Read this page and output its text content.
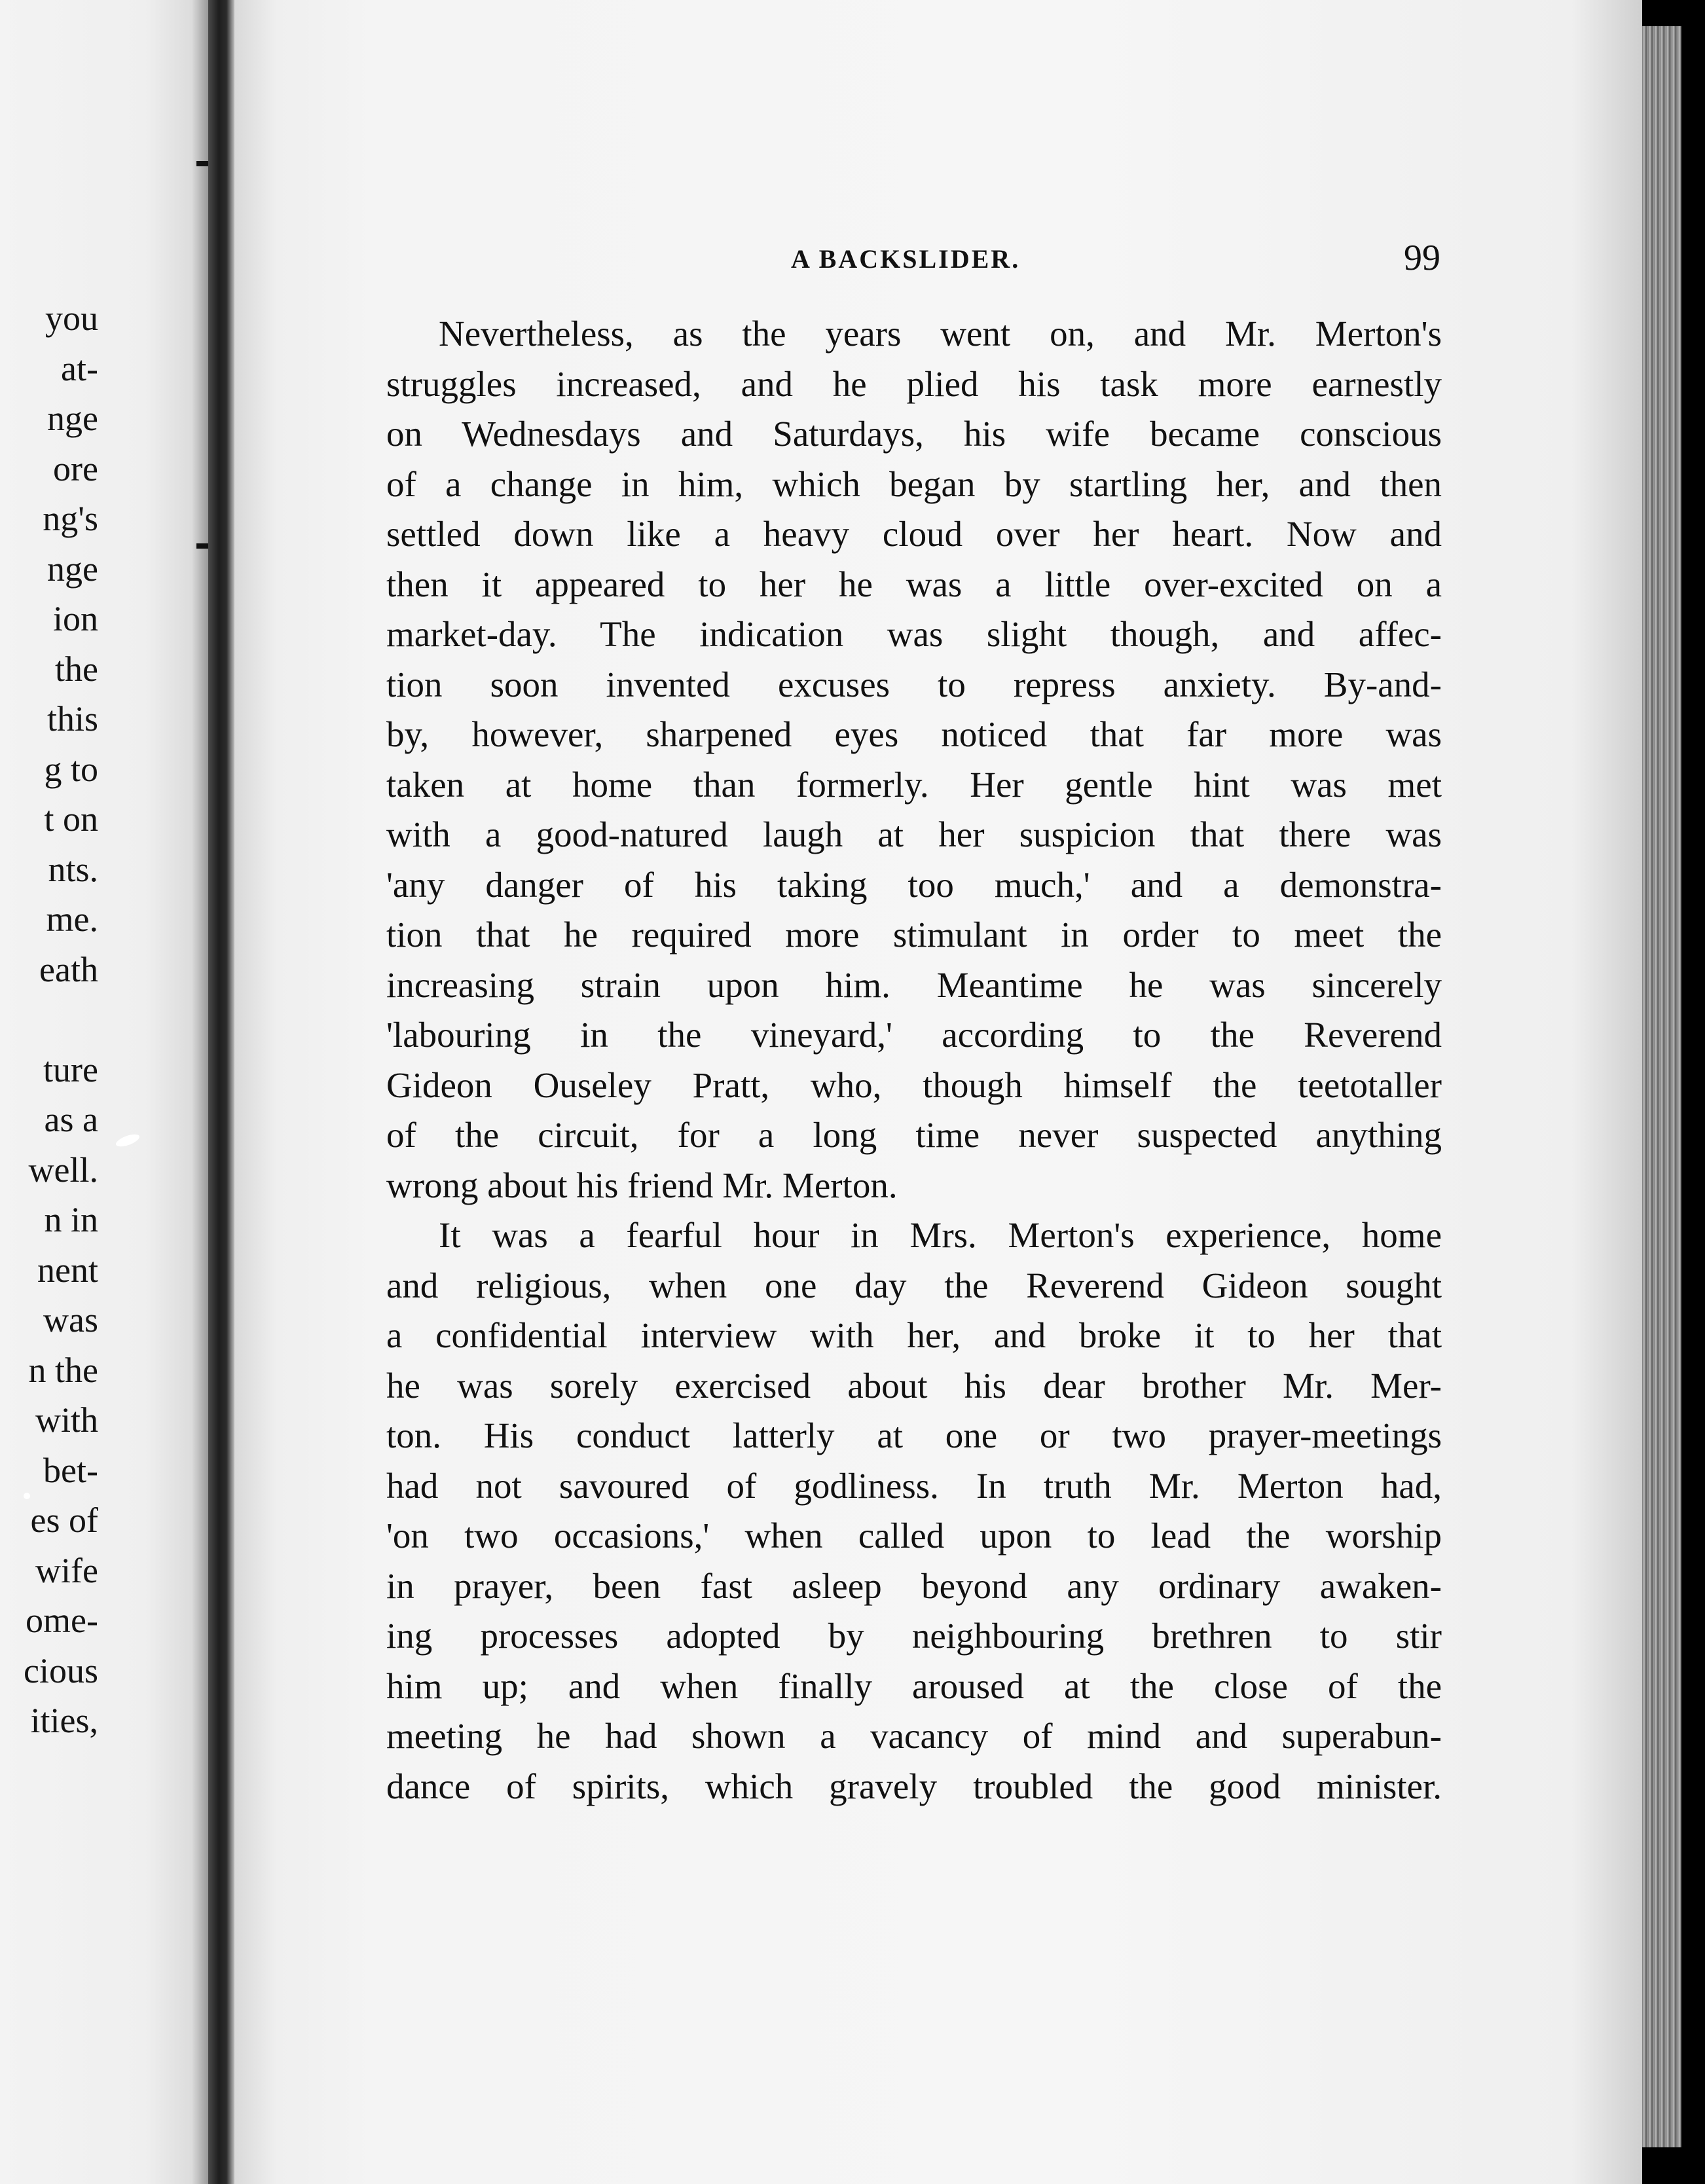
you
at-
nge
ore
ng's
nge
ion
the
this
g to
t on
nts.
me.
eath
ture
as a
well.
n in
nent
was
n the
with
bet-
es of
wife
ome-
cious
ities,
A BACKSLIDER.	99
Nevertheless, as the years went on, and Mr. Merton's
struggles increased, and he plied his task more earnestly
on Wednesdays and Saturdays, his wife became conscious
of a change in him, which began by startling her, and then
settled down like a heavy cloud over her heart. Now and
then it appeared to her he was a little over-excited on a
market-day. The indication was slight though, and affec-
tion soon invented excuses to repress anxiety. By-and-
by, however, sharpened eyes noticed that far more was
taken at home than formerly. Her gentle hint was met
with a good-natured laugh at her suspicion that there was
'any danger of his taking too much,' and a demonstra-
tion that he required more stimulant in order to meet the
increasing strain upon him. Meantime he was sincerely
'labouring in the vineyard,' according to the Reverend
Gideon Ouseley Pratt, who, though himself the teetotaller
of the circuit, for a long time never suspected anything
wrong about his friend Mr. Merton.
It was a fearful hour in Mrs. Merton's experience, home
and religious, when one day the Reverend Gideon sought
a confidential interview with her, and broke it to her that
he was sorely exercised about his dear brother Mr. Mer-
ton. His conduct latterly at one or two prayer-meetings
had not savoured of godliness. In truth Mr. Merton had,
'on two occasions,' when called upon to lead the worship
in prayer, been fast asleep beyond any ordinary awaken-
ing processes adopted by neighbouring brethren to stir
him up; and when finally aroused at the close of the
meeting he had shown a vacancy of mind and superabun-
dance of spirits, which gravely troubled the good minister.
